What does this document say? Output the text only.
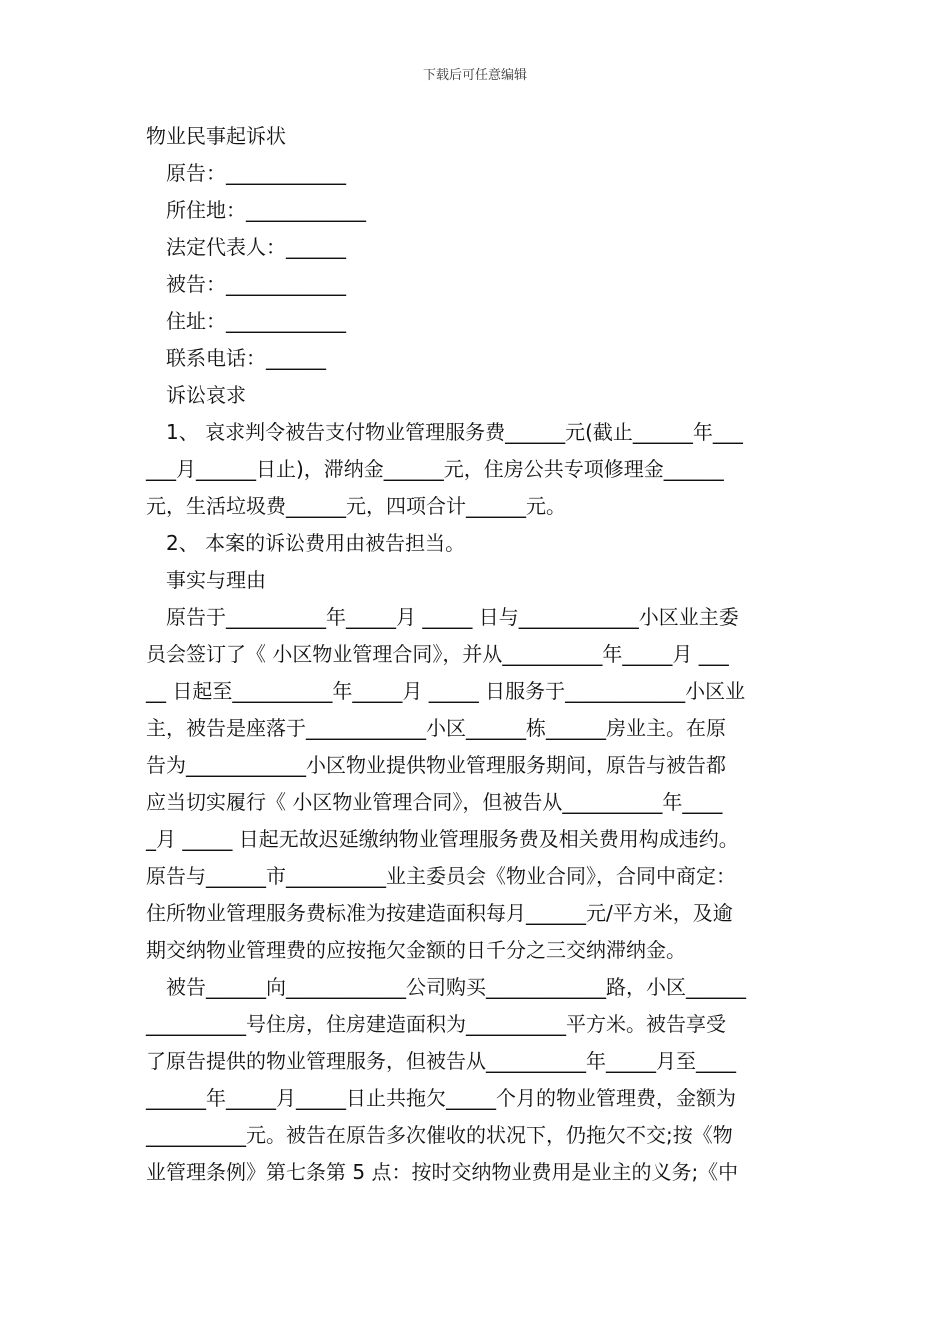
下载后可任意编辑
物业民事起诉状
原告：____________
所住地：____________
法定代表人：______
被告：____________
住址：____________
联系电话：______
诉讼哀求
1、 哀求判令被告支付物业管理服务费______元(截止______年___
___月______日止)，滞纳金______元，住房公共专项修理金______
元，生活垃圾费______元，四项合计______元。
2、 本案的诉讼费用由被告担当。
事实与理由
原告于__________年_____月 _____ 日与____________小区业主委
员会签订了《 小区物业管理合同》，并从__________年_____月 ___
__ 日起至__________年_____月 _____ 日服务于____________小区业
主，被告是座落于____________小区______栋______房业主。在原
告为____________小区物业提供物业管理服务期间，原告与被告都
应当切实履行《 小区物业管理合同》，但被告从__________年____
_月 _____ 日起无故迟延缴纳物业管理服务费及相关费用构成违约。
原告与______市__________业主委员会《物业合同》，合同中商定：
住所物业管理服务费标准为按建造面积每月______元/平方米，及逾
期交纳物业管理费的应按拖欠金额的日千分之三交纳滞纳金。
被告______向____________公司购买____________路，小区______
__________号住房，住房建造面积为__________平方米。被告享受
了原告提供的物业管理服务，但被告从__________年_____月至____
______年_____月_____日止共拖欠_____个月的物业管理费，金额为
__________元。被告在原告多次催收的状况下，仍拖欠不交;按《物
业管理条例》第七条第 5 点：按时交纳物业费用是业主的义务;《中
